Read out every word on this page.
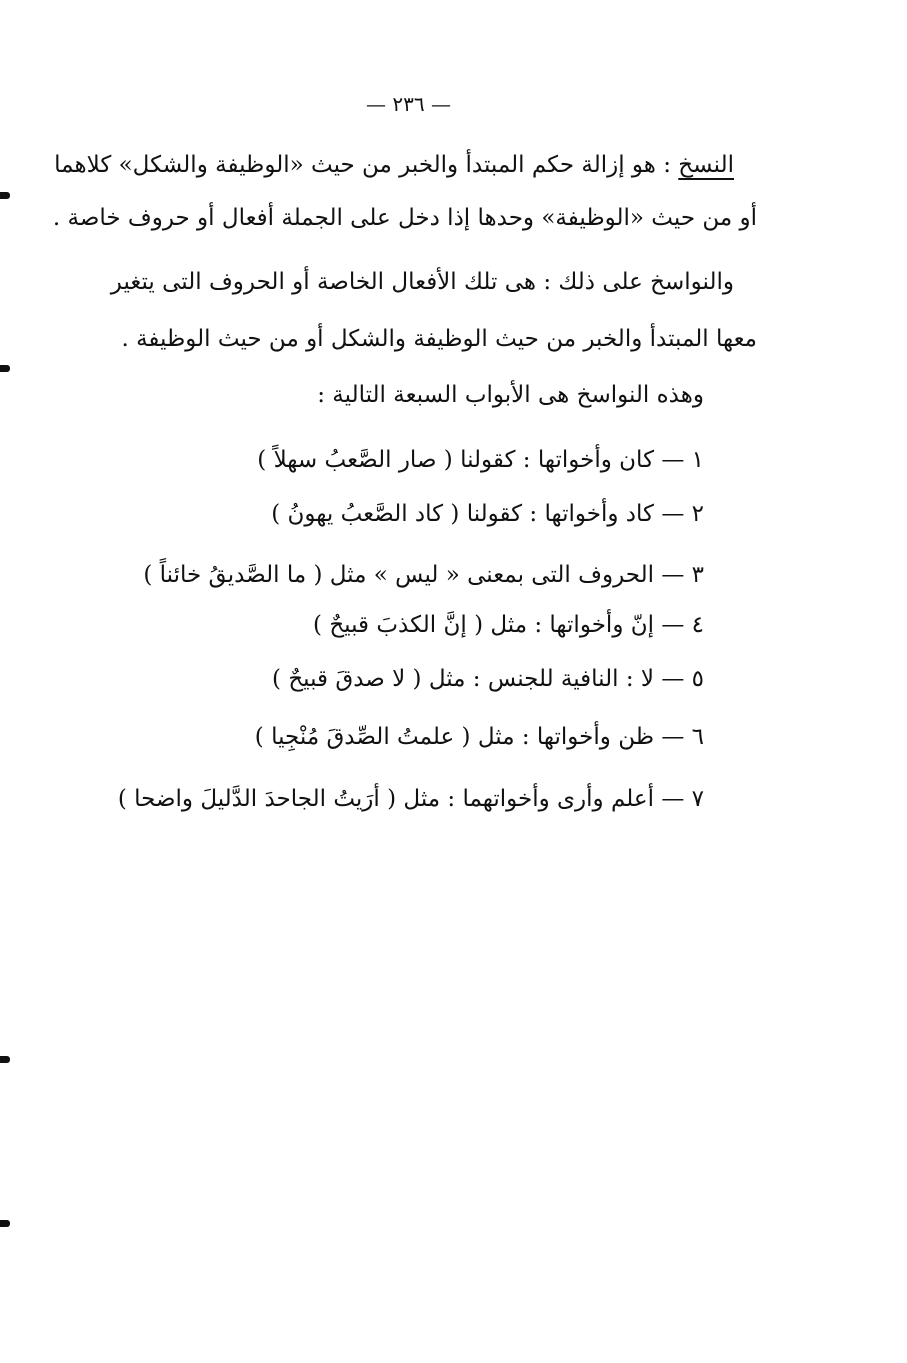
— ٢٣٦ —
النسخ : هو إزالة حكم المبتدأ والخبر من حيث «الوظيفة والشكل» كلاهما
أو من حيث «الوظيفة» وحدها إذا دخل على الجملة أفعال أو حروف خاصة .
والنواسخ على ذلك : هى تلك الأفعال الخاصة أو الحروف التى يتغير
معها المبتدأ والخبر من حيث الوظيفة والشكل أو من حيث الوظيفة .
وهذه النواسخ هى الأبواب السبعة التالية :
١ — كان وأخواتها : كقولنا ( صار الصَّعبُ سهلاً )
٢ — كاد وأخواتها : كقولنا ( كاد الصَّعبُ يهونُ )
٣ — الحروف التى بمعنى « ليس » مثل ( ما الصَّديقُ خائناً )
٤ — إنّ وأخواتها : مثل ( إنَّ الكذبَ قبيحٌ )
٥ — لا : النافية للجنس : مثل ( لا صدقَ قبيحٌ )
٦ — ظن وأخواتها : مثل ( علمتُ الصِّدقَ مُنْجِيا )
٧ — أعلم وأرى وأخواتهما : مثل ( أرَيتُ الجاحدَ الدَّليلَ واضحا )
